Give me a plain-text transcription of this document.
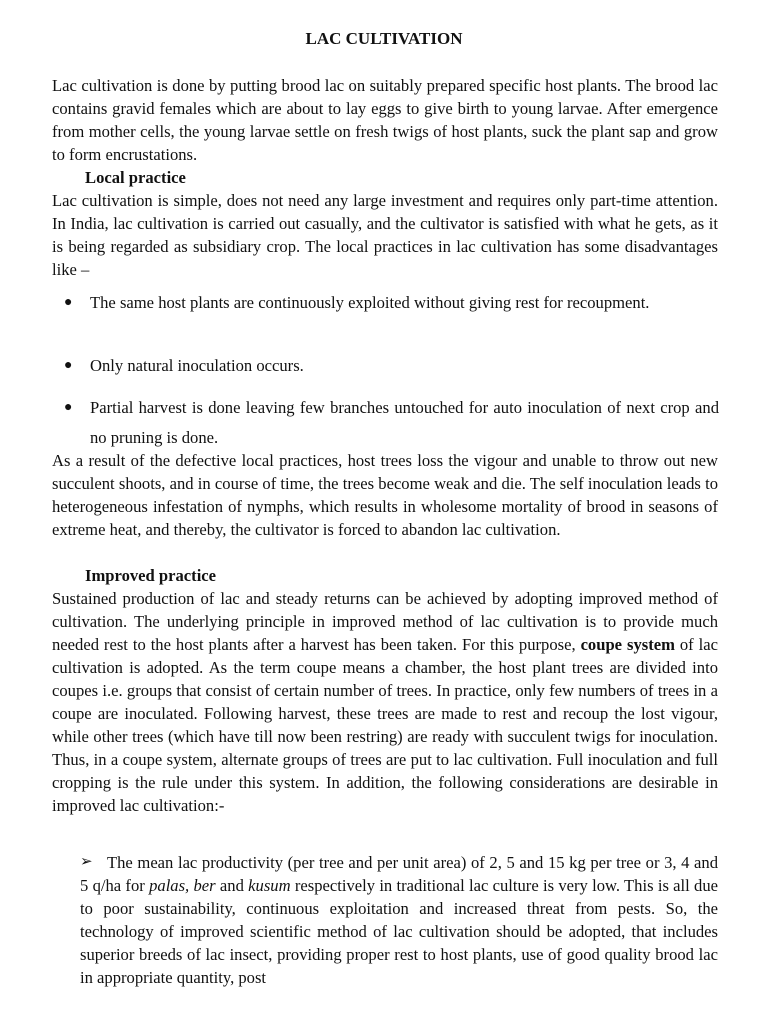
LAC CULTIVATION

Lac cultivation is done by putting brood lac on suitably prepared specific host plants. The brood lac contains gravid females which are about to lay eggs to give birth to young larvae. After emergence from mother cells, the young larvae settle on fresh twigs of host plants, suck the plant sap and grow to form encrustations.

Local practice

Lac cultivation is simple, does not need any large investment and requires only part-time attention. In India, lac cultivation is carried out casually, and the cultivator is satisfied with what he gets, as it is being regarded as subsidiary crop. The local practices in lac cultivation has some disadvantages like –

● The same host plants are continuously exploited without giving rest for recoupment.

● Only natural inoculation occurs.

● Partial harvest is done leaving few branches untouched for auto inoculation of next crop and no pruning is done.

As a result of the defective local practices, host trees loss the vigour and unable to throw out new succulent shoots, and in course of time, the trees become weak and die. The self inoculation leads to heterogeneous infestation of nymphs, which results in wholesome mortality of brood in seasons of extreme heat, and thereby, the cultivator is forced to abandon lac cultivation.

Improved practice

Sustained production of lac and steady returns can be achieved by adopting improved method of cultivation. The underlying principle in improved method of lac cultivation is to provide much needed rest to the host plants after a harvest has been taken. For this purpose, coupe system of lac cultivation is adopted. As the term coupe means a chamber, the host plant trees are divided into coupes i.e. groups that consist of certain number of trees. In practice, only few numbers of trees in a coupe are inoculated. Following harvest, these trees are made to rest and recoup the lost vigour, while other trees (which have till now been restring) are ready with succulent twigs for inoculation. Thus, in a coupe system, alternate groups of trees are put to lac cultivation. Full inoculation and full cropping is the rule under this system. In addition, the following considerations are desirable in improved lac cultivation:-

➢ The mean lac productivity (per tree and per unit area) of 2, 5 and 15 kg per tree or 3, 4 and 5 q/ha for palas, ber and kusum respectively in traditional lac culture is very low. This is all due to poor sustainability, continuous exploitation and increased threat from pests. So, the technology of improved scientific method of lac cultivation should be adopted, that includes superior breeds of lac insect, providing proper rest to host plants, use of good quality brood lac in appropriate quantity, post
